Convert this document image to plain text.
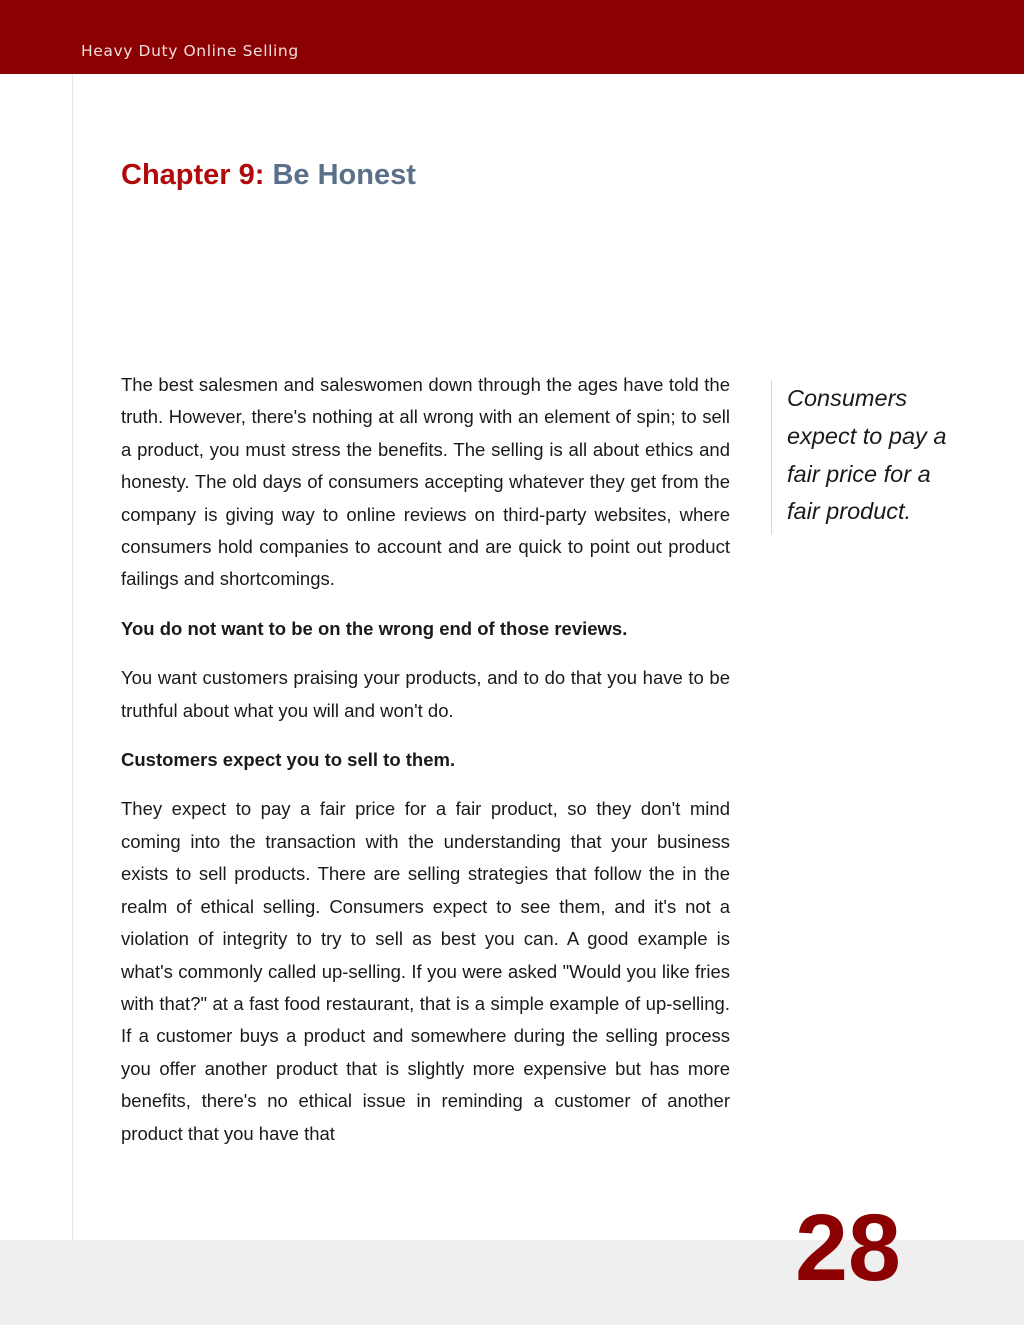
Heavy Duty Online Selling
Chapter 9: Be Honest

The best salesmen and saleswomen down through the ages have told the truth. However, there's nothing at all wrong with an element of spin; to sell a product, you must stress the benefits. The selling is all about ethics and honesty. The old days of consumers accepting whatever they get from the company is giving way to online reviews on third-party websites, where consumers hold companies to account and are quick to point out product failings and shortcomings.

You do not want to be on the wrong end of those reviews.

You want customers praising your products, and to do that you have to be truthful about what you will and won't do.

Customers expect you to sell to them.

They expect to pay a fair price for a fair product, so they don't mind coming into the transaction with the understanding that your business exists to sell products. There are selling strategies that follow the in the realm of ethical selling. Consumers expect to see them, and it's not a violation of integrity to try to sell as best you can. A good example is what's commonly called up-selling. If you were asked "Would you like fries with that?" at a fast food restaurant, that is a simple example of up-selling. If a customer buys a product and somewhere during the selling process you offer another product that is slightly more expensive but has more benefits, there's no ethical issue in reminding a customer of another product that you have that

Consumers expect to pay a fair price for a fair product.
28
